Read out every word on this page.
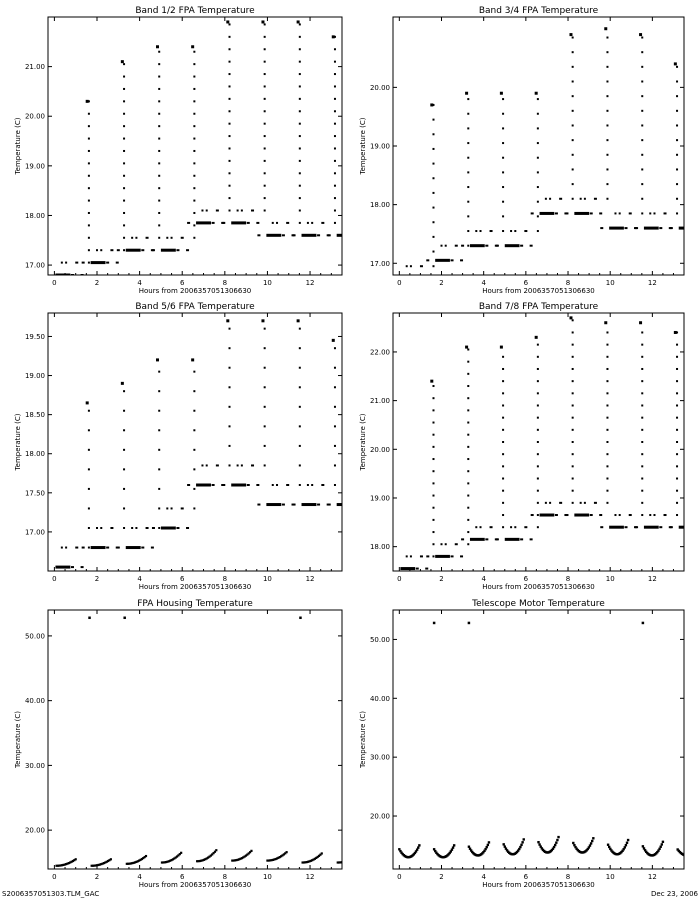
Band 1/2 FPA Temperature
0	2	4	6	8	10	12
17.00
18.00
19.00
20.00
21.00
Hours from 2006357051306630
Temperature (C)
Band 3/4 FPA Temperature
0	2	4	6	8	10	12
17.00
18.00
19.00
20.00
Hours from 2006357051306630
Temperature (C)
Band 5/6 FPA Temperature
0	2	4	6	8	10	12
17.00
17.50
18.00
18.50
19.00
19.50
Hours from 2006357051306630
Temperature (C)
Band 7/8 FPA Temperature
0	2	4	6	8	10	12
18.00
19.00
20.00
21.00
22.00
Hours from 2006357051306630
Temperature (C)
FPA Housing Temperature
0	2	4	6	8	10	12
20.00
30.00
40.00
50.00
Hours from 2006357051306630
Temperature (C)
Telescope Motor Temperature
0	2	4	6	8	10	12
20.00
30.00
40.00
50.00
Hours from 2006357051306630
Temperature (C)
S2006357051303.TLM_GAC	Dec 23, 2006
